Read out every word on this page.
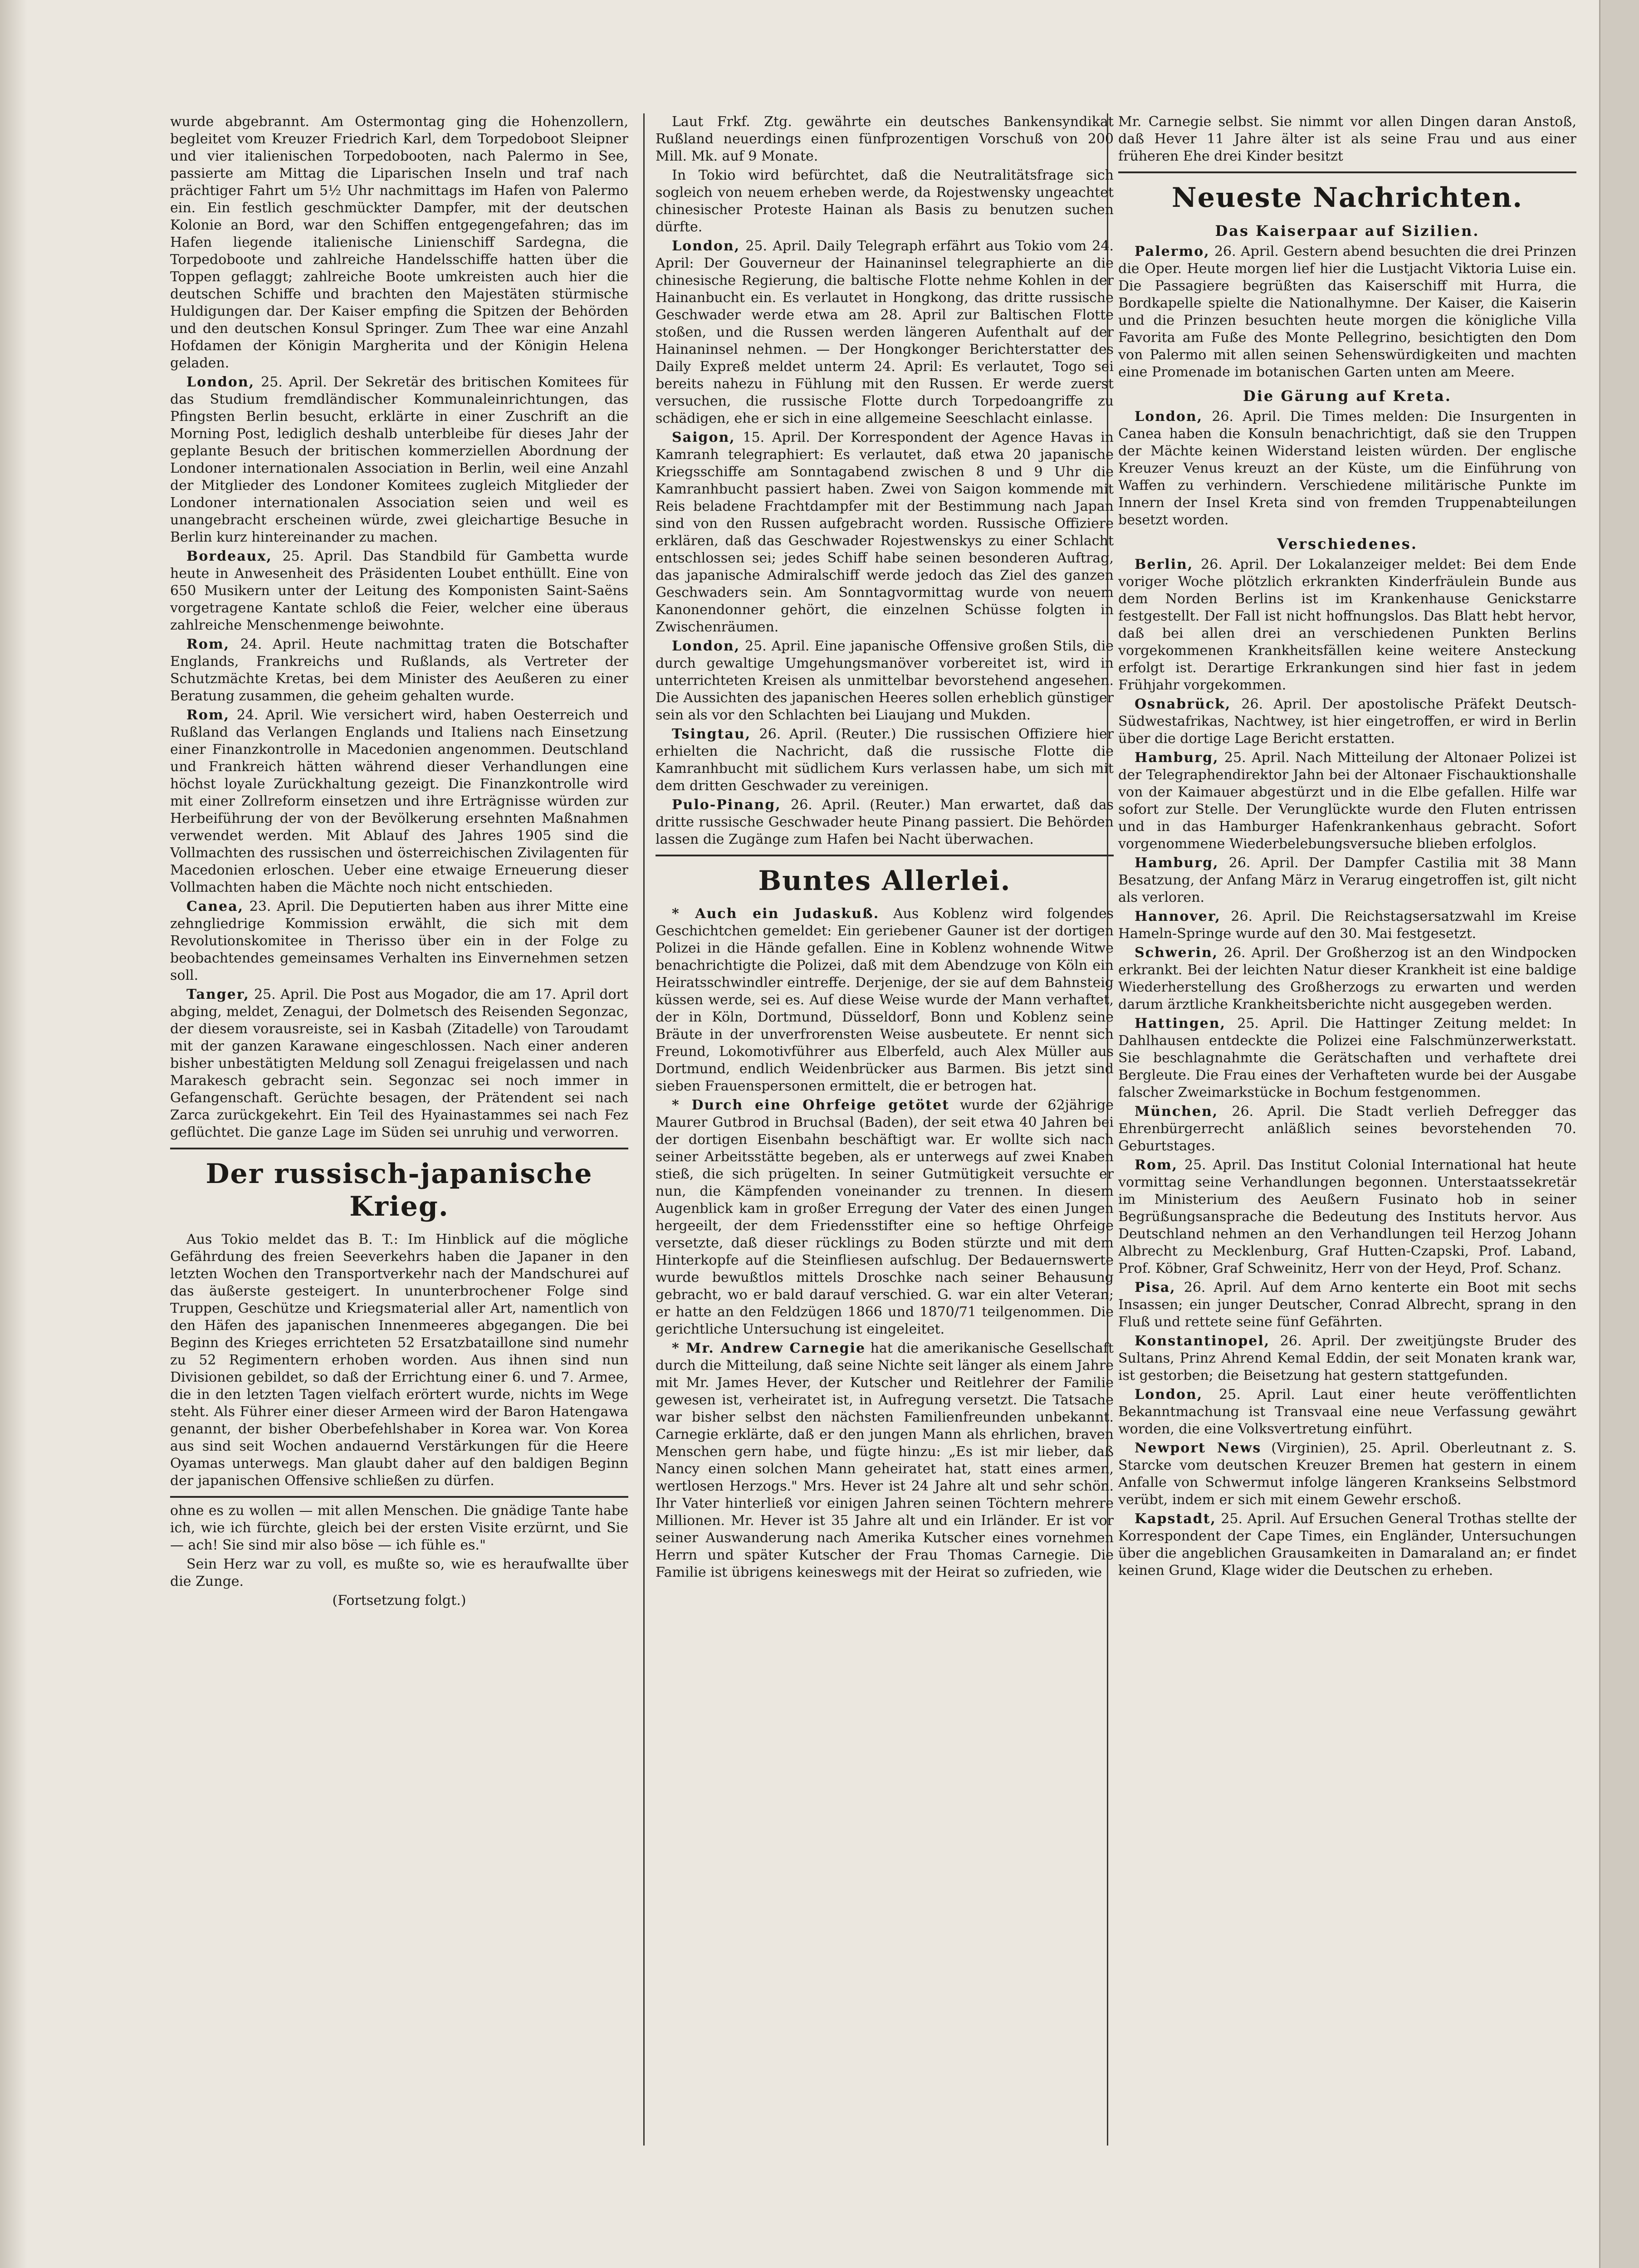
wurde abgebrannt. Am Ostermontag ging die Hohenzollern, begleitet vom Kreuzer Friedrich Karl, dem Torpedoboot Sleipner und vier italienischen Torpedobooten, nach Palermo in See, passierte am Mittag die Liparischen Inseln und traf nach prächtiger Fahrt um 5½ Uhr nachmittags im Hafen von Palermo ein. Ein festlich geschmückter Dampfer, mit der deutschen Kolonie an Bord, war den Schiffen entgegengefahren; das im Hafen liegende italienische Linienschiff Sardegna, die Torpedoboote und zahlreiche Handelsschiffe hatten über die Toppen geflaggt; zahlreiche Boote umkreisten auch hier die deutschen Schiffe und brachten den Majestäten stürmische Huldigungen dar. Der Kaiser empfing die Spitzen der Behörden und den deutschen Konsul Springer. Zum Thee war eine Anzahl Hofdamen der Königin Margherita und der Königin Helena geladen.

London, 25. April. Der Sekretär des britischen Komitees für das Studium fremdländischer Kommunaleinrichtungen, das Pfingsten Berlin besucht, erklärte in einer Zuschrift an die Morning Post, lediglich deshalb unterbleibe für dieses Jahr der geplante Besuch der britischen kommerziellen Abordnung der Londoner internationalen Association in Berlin, weil eine Anzahl der Mitglieder des Londoner Komitees zugleich Mitglieder der Londoner internationalen Association seien und weil es unangebracht erscheinen würde, zwei gleichartige Besuche in Berlin kurz hintereinander zu machen.

Bordeaux, 25. April. Das Standbild für Gambetta wurde heute in Anwesenheit des Präsidenten Loubet enthüllt. Eine von 650 Musikern unter der Leitung des Komponisten Saint-Saëns vorgetragene Kantate schloß die Feier, welcher eine überaus zahlreiche Menschenmenge beiwohnte.

Rom, 24. April. Heute nachmittag traten die Botschafter Englands, Frankreichs und Rußlands, als Vertreter der Schutzmächte Kretas, bei dem Minister des Aeußeren zu einer Beratung zusammen, die geheim gehalten wurde.

Rom, 24. April. Wie versichert wird, haben Oesterreich und Rußland das Verlangen Englands und Italiens nach Einsetzung einer Finanzkontrolle in Macedonien angenommen. Deutschland und Frankreich hätten während dieser Verhandlungen eine höchst loyale Zurückhaltung gezeigt. Die Finanzkontrolle wird mit einer Zollreform einsetzen und ihre Erträgnisse würden zur Herbeiführung der von der Bevölkerung ersehnten Maßnahmen verwendet werden. Mit Ablauf des Jahres 1905 sind die Vollmachten des russischen und österreichischen Zivilagenten für Macedonien erloschen. Ueber eine etwaige Erneuerung dieser Vollmachten haben die Mächte noch nicht entschieden.

Canea, 23. April. Die Deputierten haben aus ihrer Mitte eine zehngliedrige Kommission erwählt, die sich mit dem Revolutionskomitee in Therisso über ein in der Folge zu beobachtendes gemeinsames Verhalten ins Einvernehmen setzen soll.

Tanger, 25. April. Die Post aus Mogador, die am 17. April dort abging, meldet, Zenagui, der Dolmetsch des Reisenden Segonzac, der diesem vorausreiste, sei in Kasbah (Zitadelle) von Taroudamt mit der ganzen Karawane eingeschlossen. Nach einer anderen bisher unbestätigten Meldung soll Zenagui freigelassen und nach Marakesch gebracht sein. Segonzac sei noch immer in Gefangenschaft. Gerüchte besagen, der Prätendent sei nach Zarca zurückgekehrt. Ein Teil des Hyainastammes sei nach Fez geflüchtet. Die ganze Lage im Süden sei unruhig und verworren.

Der russisch-japanische Krieg.

Aus Tokio meldet das B. T.: Im Hinblick auf die mögliche Gefährdung des freien Seeverkehrs haben die Japaner in den letzten Wochen den Transportverkehr nach der Mandschurei auf das äußerste gesteigert. In ununterbrochener Folge sind Truppen, Geschütze und Kriegsmaterial aller Art, namentlich von den Häfen des japanischen Innenmeeres abgegangen. Die bei Beginn des Krieges errichteten 52 Ersatzbataillone sind numehr zu 52 Regimentern erhoben worden. Aus ihnen sind nun Divisionen gebildet, so daß der Errichtung einer 6. und 7. Armee, die in den letzten Tagen vielfach erörtert wurde, nichts im Wege steht. Als Führer einer dieser Armeen wird der Baron Hatengawa genannt, der bisher Oberbefehlshaber in Korea war. Von Korea aus sind seit Wochen andauernd Verstärkungen für die Heere Oyamas unterwegs. Man glaubt daher auf den baldigen Beginn der japanischen Offensive schließen zu dürfen.

ohne es zu wollen — mit allen Menschen. Die gnädige Tante habe ich, wie ich fürchte, gleich bei der ersten Visite erzürnt, und Sie — ach! Sie sind mir also böse — ich fühle es."

Sein Herz war zu voll, es mußte so, wie es heraufwallte über die Zunge.

(Fortsetzung folgt.)

Laut Frkf. Ztg. gewährte ein deutsches Bankensyndikat Rußland neuerdings einen fünfprozentigen Vorschuß von 200 Mill. Mk. auf 9 Monate.

In Tokio wird befürchtet, daß die Neutralitätsfrage sich sogleich von neuem erheben werde, da Rojestwensky ungeachtet chinesischer Proteste Hainan als Basis zu benutzen suchen dürfte.

London, 25. April. Daily Telegraph erfährt aus Tokio vom 24. April: Der Gouverneur der Hainaninsel telegraphierte an die chinesische Regierung, die baltische Flotte nehme Kohlen in der Hainanbucht ein. Es verlautet in Hongkong, das dritte russische Geschwader werde etwa am 28. April zur Baltischen Flotte stoßen, und die Russen werden längeren Aufenthalt auf der Hainaninsel nehmen. — Der Hongkonger Berichterstatter des Daily Expreß meldet unterm 24. April: Es verlautet, Togo sei bereits nahezu in Fühlung mit den Russen. Er werde zuerst versuchen, die russische Flotte durch Torpedoangriffe zu schädigen, ehe er sich in eine allgemeine Seeschlacht einlasse.

Saigon, 15. April. Der Korrespondent der Agence Havas in Kamranh telegraphiert: Es verlautet, daß etwa 20 japanische Kriegsschiffe am Sonntagabend zwischen 8 und 9 Uhr die Kamranhbucht passiert haben. Zwei von Saigon kommende mit Reis beladene Frachtdampfer mit der Bestimmung nach Japan sind von den Russen aufgebracht worden. Russische Offiziere erklären, daß das Geschwader Rojestwenskys zu einer Schlacht entschlossen sei; jedes Schiff habe seinen besonderen Auftrag, das japanische Admiralschiff werde jedoch das Ziel des ganzen Geschwaders sein. Am Sonntagvormittag wurde von neuem Kanonendonner gehört, die einzelnen Schüsse folgten in Zwischenräumen.

London, 25. April. Eine japanische Offensive großen Stils, die durch gewaltige Umgehungsmanöver vorbereitet ist, wird in unterrichteten Kreisen als unmittelbar bevorstehend angesehen. Die Aussichten des japanischen Heeres sollen erheblich günstiger sein als vor den Schlachten bei Liaujang und Mukden.

Tsingtau, 26. April. (Reuter.) Die russischen Offiziere hier erhielten die Nachricht, daß die russische Flotte die Kamranhbucht mit südlichem Kurs verlassen habe, um sich mit dem dritten Geschwader zu vereinigen.

Pulo-Pinang, 26. April. (Reuter.) Man erwartet, daß das dritte russische Geschwader heute Pinang passiert. Die Behörden lassen die Zugänge zum Hafen bei Nacht überwachen.

Buntes Allerlei.

* Auch ein Judaskuß. Aus Koblenz wird folgendes Geschichtchen gemeldet: Ein geriebener Gauner ist der dortigen Polizei in die Hände gefallen. Eine in Koblenz wohnende Witwe benachrichtigte die Polizei, daß mit dem Abendzuge von Köln ein Heiratsschwindler eintreffe. Derjenige, der sie auf dem Bahnsteig küssen werde, sei es. Auf diese Weise wurde der Mann verhaftet, der in Köln, Dortmund, Düsseldorf, Bonn und Koblenz seine Bräute in der unverfrorensten Weise ausbeutete. Er nennt sich Freund, Lokomotivführer aus Elberfeld, auch Alex Müller aus Dortmund, endlich Weidenbrücker aus Barmen. Bis jetzt sind sieben Frauenspersonen ermittelt, die er betrogen hat.

* Durch eine Ohrfeige getötet wurde der 62jährige Maurer Gutbrod in Bruchsal (Baden), der seit etwa 40 Jahren bei der dortigen Eisenbahn beschäftigt war. Er wollte sich nach seiner Arbeitsstätte begeben, als er unterwegs auf zwei Knaben stieß, die sich prügelten. In seiner Gutmütigkeit versuchte er nun, die Kämpfenden voneinander zu trennen. In diesem Augenblick kam in großer Erregung der Vater des einen Jungen hergeeilt, der dem Friedensstifter eine so heftige Ohrfeige versetzte, daß dieser rücklings zu Boden stürzte und mit dem Hinterkopfe auf die Steinfliesen aufschlug. Der Bedauernswerte wurde bewußtlos mittels Droschke nach seiner Behausung gebracht, wo er bald darauf verschied. G. war ein alter Veteran; er hatte an den Feldzügen 1866 und 1870/71 teilgenommen. Die gerichtliche Untersuchung ist eingeleitet.

* Mr. Andrew Carnegie hat die amerikanische Gesellschaft durch die Mitteilung, daß seine Nichte seit länger als einem Jahre mit Mr. James Hever, der Kutscher und Reitlehrer der Familie gewesen ist, verheiratet ist, in Aufregung versetzt. Die Tatsache war bisher selbst den nächsten Familienfreunden unbekannt. Carnegie erklärte, daß er den jungen Mann als ehrlichen, braven Menschen gern habe, und fügte hinzu: „Es ist mir lieber, daß Nancy einen solchen Mann geheiratet hat, statt eines armen, wertlosen Herzogs." Mrs. Hever ist 24 Jahre alt und sehr schön. Ihr Vater hinterließ vor einigen Jahren seinen Töchtern mehrere Millionen. Mr. Hever ist 35 Jahre alt und ein Irländer. Er ist vor seiner Auswanderung nach Amerika Kutscher eines vornehmen Herrn und später Kutscher der Frau Thomas Carnegie. Die Familie ist übrigens keineswegs mit der Heirat so zufrieden, wie

Mr. Carnegie selbst. Sie nimmt vor allen Dingen daran Anstoß, daß Hever 11 Jahre älter ist als seine Frau und aus einer früheren Ehe drei Kinder besitzt

Neueste Nachrichten.
Das Kaiserpaar auf Sizilien.

Palermo, 26. April. Gestern abend besuchten die drei Prinzen die Oper. Heute morgen lief hier die Lustjacht Viktoria Luise ein. Die Passagiere begrüßten das Kaiserschiff mit Hurra, die Bordkapelle spielte die Nationalhymne. Der Kaiser, die Kaiserin und die Prinzen besuchten heute morgen die königliche Villa Favorita am Fuße des Monte Pellegrino, besichtigten den Dom von Palermo mit allen seinen Sehenswürdigkeiten und machten eine Promenade im botanischen Garten unten am Meere.

Die Gärung auf Kreta.

London, 26. April. Die Times melden: Die Insurgenten in Canea haben die Konsuln benachrichtigt, daß sie den Truppen der Mächte keinen Widerstand leisten würden. Der englische Kreuzer Venus kreuzt an der Küste, um die Einführung von Waffen zu verhindern. Verschiedene militärische Punkte im Innern der Insel Kreta sind von fremden Truppenabteilungen besetzt worden.

Verschiedenes.

Berlin, 26. April. Der Lokalanzeiger meldet: Bei dem Ende voriger Woche plötzlich erkrankten Kinderfräulein Bunde aus dem Norden Berlins ist im Krankenhause Genickstarre festgestellt. Der Fall ist nicht hoffnungslos. Das Blatt hebt hervor, daß bei allen drei an verschiedenen Punkten Berlins vorgekommenen Krankheitsfällen keine weitere Ansteckung erfolgt ist. Derartige Erkrankungen sind hier fast in jedem Frühjahr vorgekommen.

Osnabrück, 26. April. Der apostolische Präfekt Deutsch-Südwestafrikas, Nachtwey, ist hier eingetroffen, er wird in Berlin über die dortige Lage Bericht erstatten.

Hamburg, 25. April. Nach Mitteilung der Altonaer Polizei ist der Telegraphendirektor Jahn bei der Altonaer Fischauktionshalle von der Kaimauer abgestürzt und in die Elbe gefallen. Hilfe war sofort zur Stelle. Der Verunglückte wurde den Fluten entrissen und in das Hamburger Hafenkrankenhaus gebracht. Sofort vorgenommene Wiederbelebungsversuche blieben erfolglos.

Hamburg, 26. April. Der Dampfer Castilia mit 38 Mann Besatzung, der Anfang März in Verarug eingetroffen ist, gilt nicht als verloren.

Hannover, 26. April. Die Reichstagsersatzwahl im Kreise Hameln-Springe wurde auf den 30. Mai festgesetzt.

Schwerin, 26. April. Der Großherzog ist an den Windpocken erkrankt. Bei der leichten Natur dieser Krankheit ist eine baldige Wiederherstellung des Großherzogs zu erwarten und werden darum ärztliche Krankheitsberichte nicht ausgegeben werden.

Hattingen, 25. April. Die Hattinger Zeitung meldet: In Dahlhausen entdeckte die Polizei eine Falschmünzerwerkstatt. Sie beschlagnahmte die Gerätschaften und verhaftete drei Bergleute. Die Frau eines der Verhafteten wurde bei der Ausgabe falscher Zweimarkstücke in Bochum festgenommen.

München, 26. April. Die Stadt verlieh Defregger das Ehrenbürgerrecht anläßlich seines bevorstehenden 70. Geburtstages.

Rom, 25. April. Das Institut Colonial International hat heute vormittag seine Verhandlungen begonnen. Unterstaatssekretär im Ministerium des Aeußern Fusinato hob in seiner Begrüßungsansprache die Bedeutung des Instituts hervor. Aus Deutschland nehmen an den Verhandlungen teil Herzog Johann Albrecht zu Mecklenburg, Graf Hutten-Czapski, Prof. Laband, Prof. Köbner, Graf Schweinitz, Herr von der Heyd, Prof. Schanz.

Pisa, 26. April. Auf dem Arno kenterte ein Boot mit sechs Insassen; ein junger Deutscher, Conrad Albrecht, sprang in den Fluß und rettete seine fünf Gefährten.

Konstantinopel, 26. April. Der zweitjüngste Bruder des Sultans, Prinz Ahrend Kemal Eddin, der seit Monaten krank war, ist gestorben; die Beisetzung hat gestern stattgefunden.

London, 25. April. Laut einer heute veröffentlichten Bekanntmachung ist Transvaal eine neue Verfassung gewährt worden, die eine Volksvertretung einführt.

Newport News (Virginien), 25. April. Oberleutnant z. S. Starcke vom deutschen Kreuzer Bremen hat gestern in einem Anfalle von Schwermut infolge längeren Krankseins Selbstmord verübt, indem er sich mit einem Gewehr erschoß.

Kapstadt, 25. April. Auf Ersuchen General Trothas stellte der Korrespondent der Cape Times, ein Engländer, Untersuchungen über die angeblichen Grausamkeiten in Damaraland an; er findet keinen Grund, Klage wider die Deutschen zu erheben.
